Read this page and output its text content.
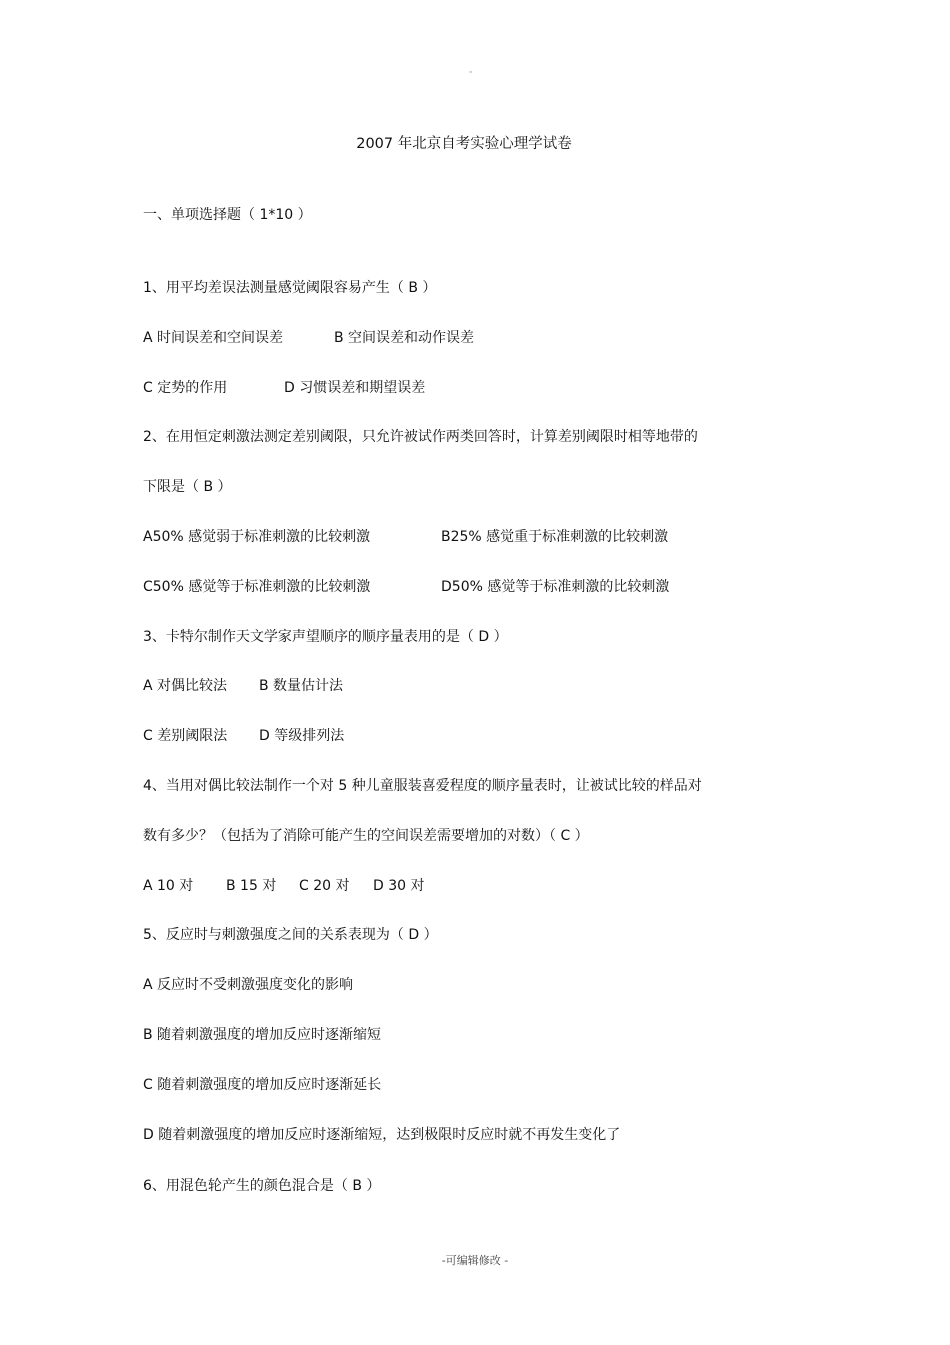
"
2007 年北京自考实验心理学试卷
一、单项选择题（ 1*10 ）
1、用平均差误法测量感觉阈限容易产生（ B ）
A 时间误差和空间误差	B 空间误差和动作误差
C 定势的作用	D 习惯误差和期望误差
2、在用恒定刺激法测定差别阈限，只允许被试作两类回答时，计算差别阈限时相等地带的
下限是（ B ）
A50% 感觉弱于标准刺激的比较刺激	B25% 感觉重于标准刺激的比较刺激
C50% 感觉等于标准刺激的比较刺激	D50% 感觉等于标准刺激的比较刺激
3、卡特尔制作天文学家声望顺序的顺序量表用的是（ D ）
A 对偶比较法 B 数量估计法
C 差别阈限法 D 等级排列法
4、当用对偶比较法制作一个对 5 种儿童服装喜爱程度的顺序量表时，让被试比较的样品对
数有多少？（包括为了消除可能产生的空间误差需要增加的对数）（ C ）
A 10 对 B 15 对 C 20 对 D 30 对
5、反应时与刺激强度之间的关系表现为（ D ）
A 反应时不受刺激强度变化的影响
B 随着刺激强度的增加反应时逐渐缩短
C 随着刺激强度的增加反应时逐渐延长
D 随着刺激强度的增加反应时逐渐缩短，达到极限时反应时就不再发生变化了
6、用混色轮产生的颜色混合是（ B ）
-可编辑修改 -
